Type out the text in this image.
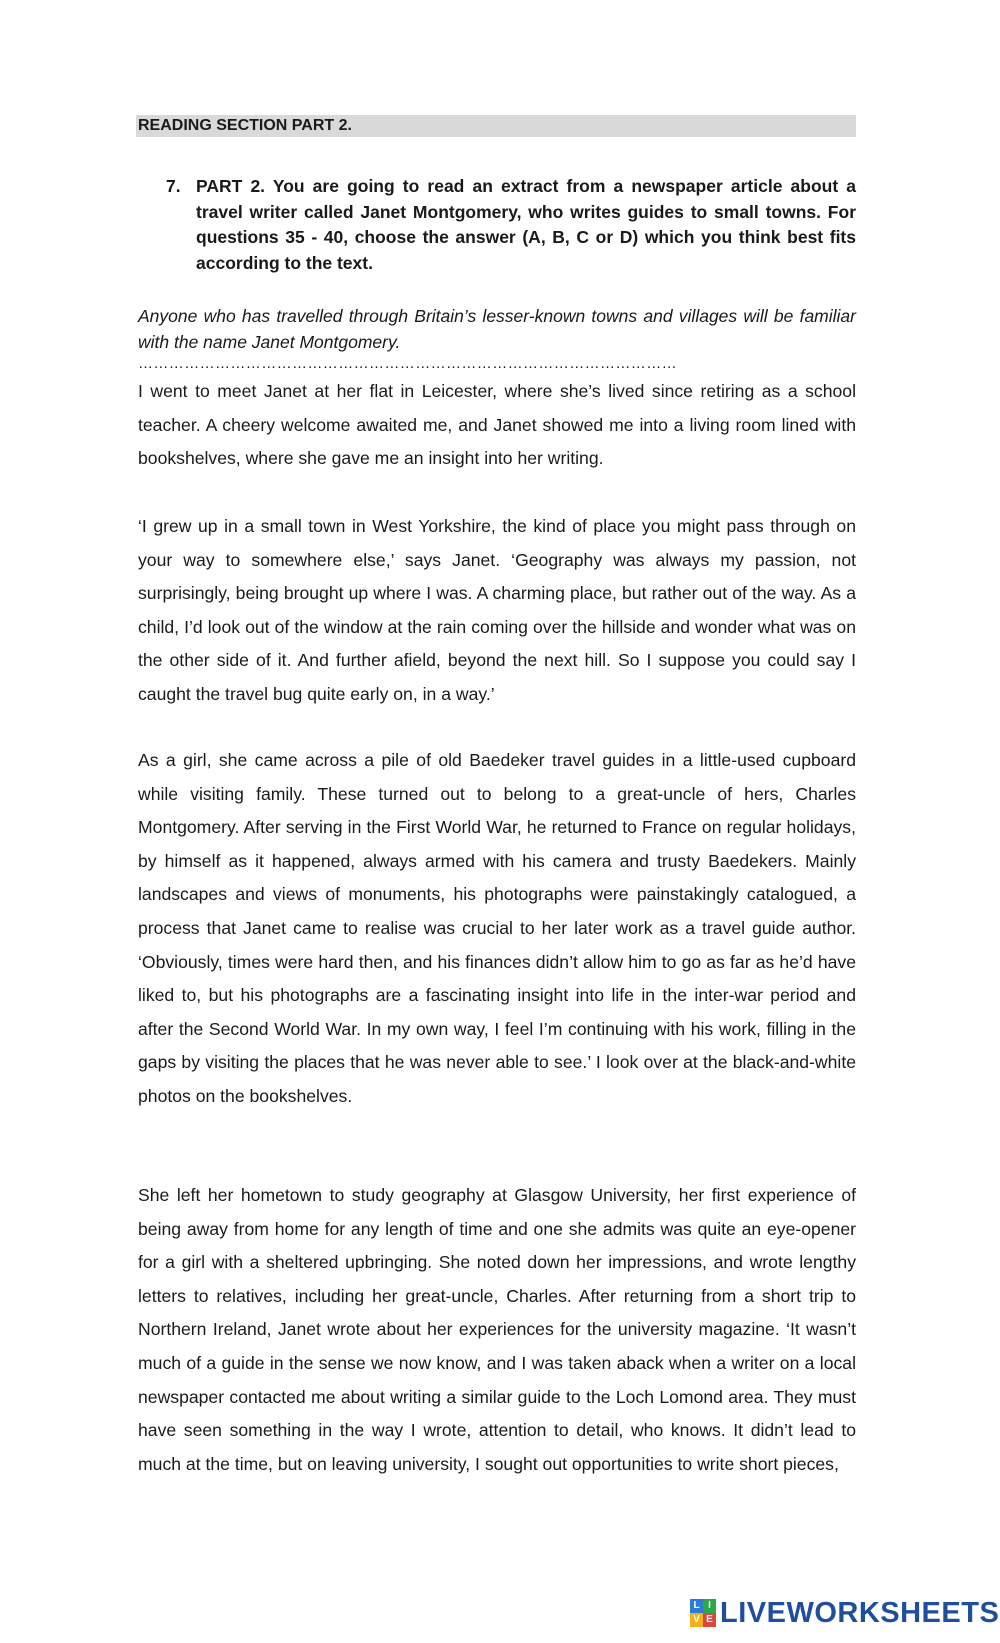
READING SECTION PART 2.
7. PART 2. You are going to read an extract from a newspaper article about a travel writer called Janet Montgomery, who writes guides to small towns. For questions 35 - 40, choose the answer (A, B, C or D) which you think best fits according to the text.

Anyone who has travelled through Britain’s lesser-known towns and villages will be familiar with the name Janet Montgomery.

……………………………………………………………………………………………

I went to meet Janet at her flat in Leicester, where she’s lived since retiring as a school teacher. A cheery welcome awaited me, and Janet showed me into a living room lined with bookshelves, where she gave me an insight into her writing.

‘I grew up in a small town in West Yorkshire, the kind of place you might pass through on your way to somewhere else,’ says Janet. ‘Geography was always my passion, not surprisingly, being brought up where I was. A charming place, but rather out of the way. As a child, I’d look out of the window at the rain coming over the hillside and wonder what was on the other side of it. And further afield, beyond the next hill. So I suppose you could say I caught the travel bug quite early on, in a way.’

As a girl, she came across a pile of old Baedeker travel guides in a little-used cupboard while visiting family. These turned out to belong to a great-uncle of hers, Charles Montgomery. After serving in the First World War, he returned to France on regular holidays, by himself as it happened, always armed with his camera and trusty Baedekers. Mainly landscapes and views of monuments, his photographs were painstakingly catalogued, a process that Janet came to realise was crucial to her later work as a travel guide author. ‘Obviously, times were hard then, and his finances didn’t allow him to go as far as he’d have liked to, but his photographs are a fascinating insight into life in the inter-war period and after the Second World War. In my own way, I feel I’m continuing with his work, filling in the gaps by visiting the places that he was never able to see.’ I look over at the black-and-white photos on the bookshelves.

She left her hometown to study geography at Glasgow University, her first experience of being away from home for any length of time and one she admits was quite an eye-opener for a girl with a sheltered upbringing. She noted down her impressions, and wrote lengthy letters to relatives, including her great-uncle, Charles. After returning from a short trip to Northern Ireland, Janet wrote about her experiences for the university magazine. ‘It wasn’t much of a guide in the sense we now know, and I was taken aback when a writer on a local newspaper contacted me about writing a similar guide to the Loch Lomond area. They must have seen something in the way I wrote, attention to detail, who knows. It didn’t lead to much at the time, but on leaving university, I sought out opportunities to write short pieces,

L I
V E LIVEWORKSHEETS
